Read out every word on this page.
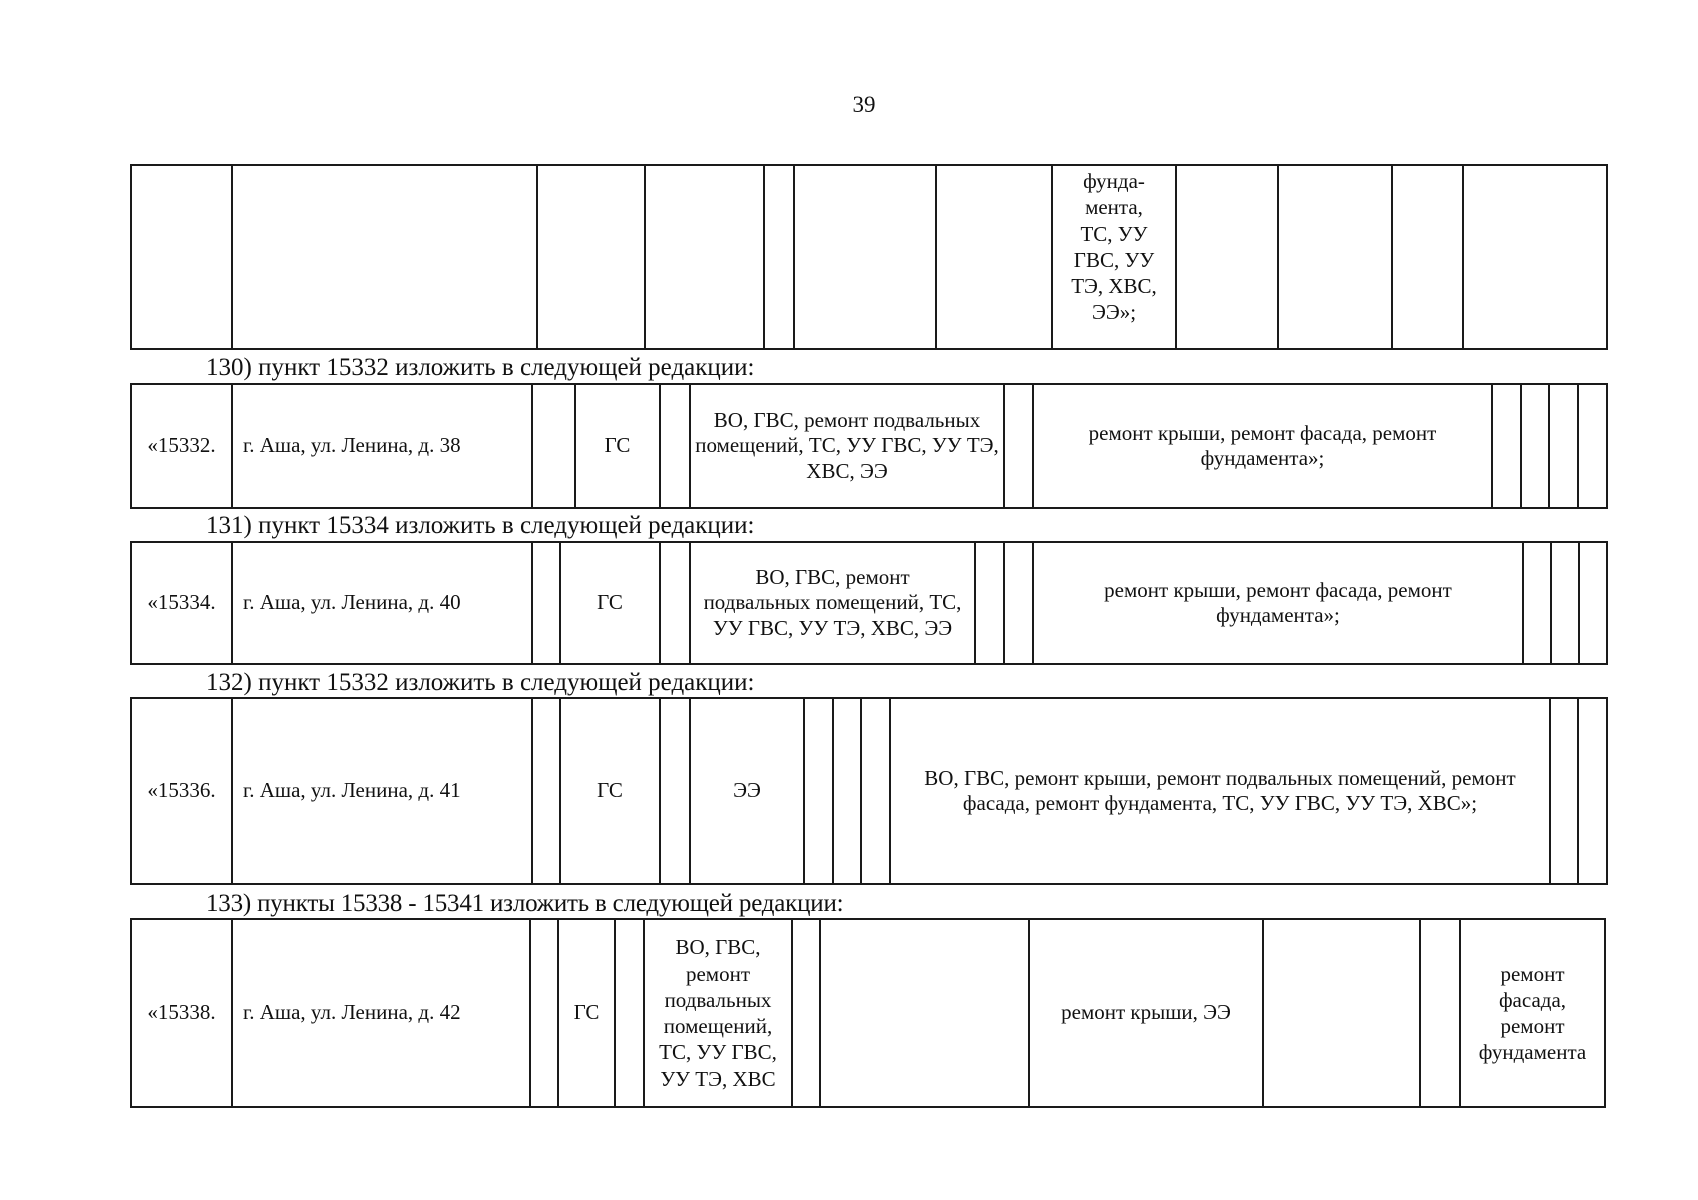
39
							фунда-
мента,
ТС, УУ
ГВС, УУ
ТЭ, ХВС,
ЭЭ»;				
130) пункт 15332 изложить в следующей редакции:
«15332.	г. Аша, ул. Ленина, д. 38		ГС		ВО, ГВС, ремонт подвальных помещений, ТС, УУ ГВС, УУ ТЭ, ХВС, ЭЭ		ремонт крыши, ремонт фасада, ремонт фундамента»;				
131) пункт 15334 изложить в следующей редакции:
«15334.	г. Аша, ул. Ленина, д. 40		ГС		ВО, ГВС, ремонт подвальных помещений, ТС, УУ ГВС, УУ ТЭ, ХВС, ЭЭ			ремонт крыши, ремонт фасада, ремонт фундамента»;			
132) пункт 15332 изложить в следующей редакции:
«15336.	г. Аша, ул. Ленина, д. 41		ГС		ЭЭ				ВО, ГВС, ремонт крыши, ремонт подвальных помещений, ремонт фасада, ремонт фундамента, ТС, УУ ГВС, УУ ТЭ, ХВС»;		
133) пункты 15338 - 15341 изложить в следующей редакции:
«15338.	г. Аша, ул. Ленина, д. 42		ГС		ВО, ГВС, ремонт подвальных помещений, ТС, УУ ГВС, УУ ТЭ, ХВС			ремонт крыши, ЭЭ			ремонт фасада, ремонт фундамента
